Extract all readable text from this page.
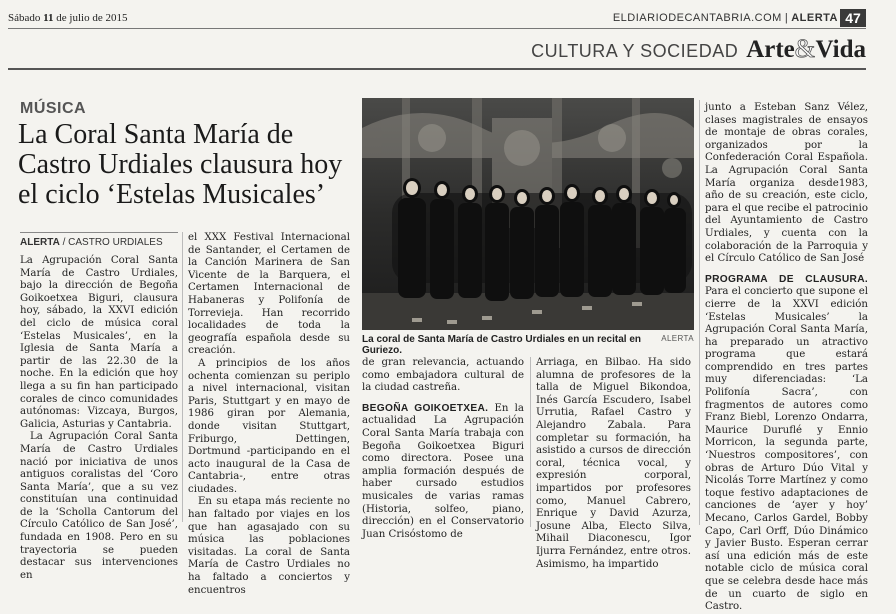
Sábado 11 de julio de 2015	ELDIARIODECANTABRIA.COM | ALERTA 47
CULTURA Y SOCIEDAD Arte&Vida
MÚSICA
La Coral Santa María de Castro Urdiales clausura hoy el ciclo ‘Estelas Musicales’
ALERTA / CASTRO URDIALES

La Agrupación Coral Santa María de Castro Urdiales, bajo la dirección de Begoña Goikoetxea Biguri, clausura hoy, sábado, la XXVI edición del ciclo de música coral ‘Estelas Musicales’, en la Iglesia de Santa María a partir de las 22.30 de la noche. En la edición que hoy llega a su fin han participado corales de cinco comunidades autónomas: Vizcaya, Burgos, Galicia, Asturias y Cantabria.

La Agrupación Coral Santa María de Castro Urdiales nació por iniciativa de unos antiguos coralistas del ‘Coro Santa María’, que a su vez constituían una continuidad de la ‘Scholla Cantorum del Círculo Católico de San José’, fundada en 1908. Pero en su trayectoria se pueden destacar sus intervenciones en

el XXX Festival Internacional de Santander, el Certamen de la Canción Marinera de San Vicente de la Barquera, el Certamen Internacional de Habaneras y Polifonía de Torrevieja. Han recorrido localidades de toda la geografía española desde su creación.

A principios de los años ochenta comienzan su periplo a nivel internacional, visitan Paris, Stuttgart y en mayo de 1986 giran por Alemania, donde visitan Stuttgart, Friburgo, Dettingen, Dortmund -participando en el acto inaugural de la Casa de Cantabria-, entre otras ciudades.

En su etapa más reciente no han faltado por viajes en los que han agasajado con su música las poblaciones visitadas. La coral de Santa María de Castro Urdiales no ha faltado a conciertos y encuentros

ALERTA
La coral de Santa María de Castro Urdiales en un recital en Guriezo.

de gran relevancia, actuando como embajadora cultural de la ciudad castreña.

BEGOÑA GOIKOETXEA. En la actualidad La Agrupación Coral Santa María trabaja con Begoña Goikoetxea Biguri como directora. Posee una amplia formación después de haber cursado estudios musicales de varias ramas (Historia, solfeo, piano, dirección) en el Conservatorio Juan Crisóstomo de

Arriaga, en Bilbao. Ha sido alumna de profesores de la talla de Miguel Bikondoa, Inés García Escudero, Isabel Urrutia, Rafael Castro y Alejandro Zabala. Para completar su formación, ha asistido a cursos de dirección coral, técnica vocal, y expresión corporal, impartidos por profesores como, Manuel Cabrero, Enrique y David Azurza, Josune Alba, Electo Silva, Mihail Diaconescu, Igor Ijurra Fernández, entre otros. Asimismo, ha impartido

junto a Esteban Sanz Vélez, clases magistrales de ensayos de montaje de obras corales, organizados por la Confederación Coral Española. La Agrupación Coral Santa María organiza desde1983, año de su creación, este ciclo, para el que recibe el patrocinio del Ayuntamiento de Castro Urdiales, y cuenta con la colaboración de la Parroquia y el Círculo Católico de San José

PROGRAMA DE CLAUSURA. Para el concierto que supone el cierre de la XXVI edición ‘Estelas Musicales’ la Agrupación Coral Santa María, ha preparado un atractivo programa que estará comprendido en tres partes muy diferenciadas: ‘La Polifonía Sacra’, con fragmentos de autores como Franz Biebl, Lorenzo Ondarra, Maurice Duruflé y Ennio Morricon, la segunda parte, ‘Nuestros compositores’, con obras de Arturo Dúo Vital y Nicolás Torre Martínez y como toque festivo adaptaciones de canciones de ‘ayer y hoy’ Mecano, Carlos Gardel, Bobby Capo, Carl Orff, Dúo Dinámico y Javier Busto. Esperan cerrar así una edición más de este notable ciclo de música coral que se celebra desde hace más de un cuarto de siglo en Castro.
